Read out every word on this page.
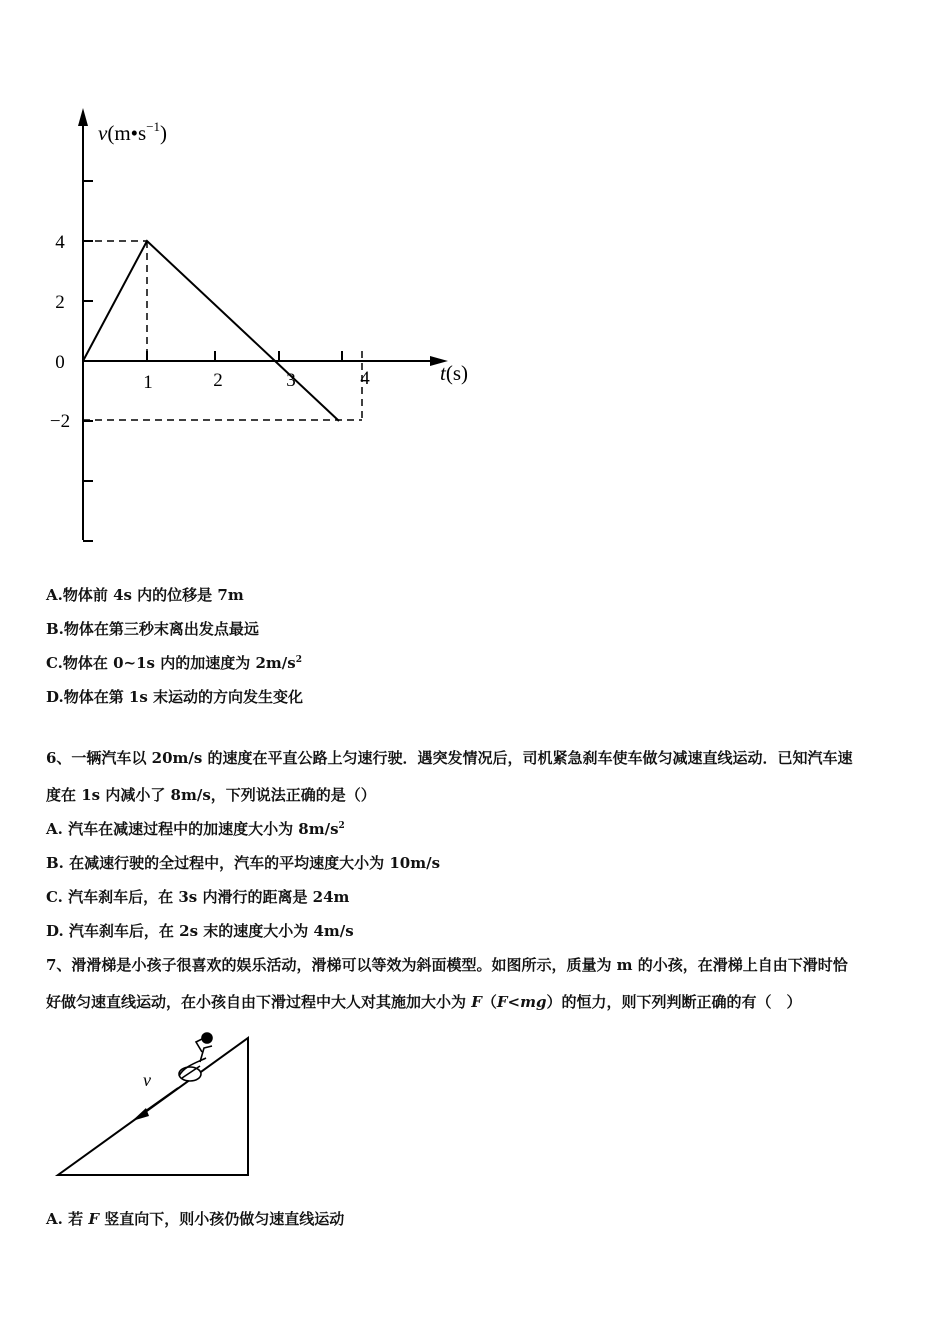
4
2
0
−2
1	2	3	4
$v(m•s^{-1})$
t(s)
A.物体前 4s 内的位移是 7m
B.物体在第三秒末离出发点最远
C.物体在 0~1s 内的加速度为 $2m/s^2$
D.物体在第 1s 末运动的方向发生变化
6、一辆汽车以 20m/s 的速度在平直公路上匀速行驶．遇突发情况后，司机紧急刹车使车做匀减速直线运动．已知汽车速
度在 1s 内减小了 8m/s，下列说法正确的是（）
A. 汽车在减速过程中的加速度大小为 $8m/s^2$
B. 在减速行驶的全过程中，汽车的平均速度大小为 10m/s
C. 汽车刹车后，在 3s 内滑行的距离是 24m
D. 汽车刹车后，在 2s 末的速度大小为 4m/s
7、滑滑梯是小孩子很喜欢的娱乐活动，滑梯可以等效为斜面模型。如图所示，质量为 m 的小孩，在滑梯上自由下滑时恰
好做匀速直线运动，在小孩自由下滑过程中大人对其施加大小为 F（F<mg）的恒力，则下列判断正确的有（　）
v
A. 若 F 竖直向下，则小孩仍做匀速直线运动
